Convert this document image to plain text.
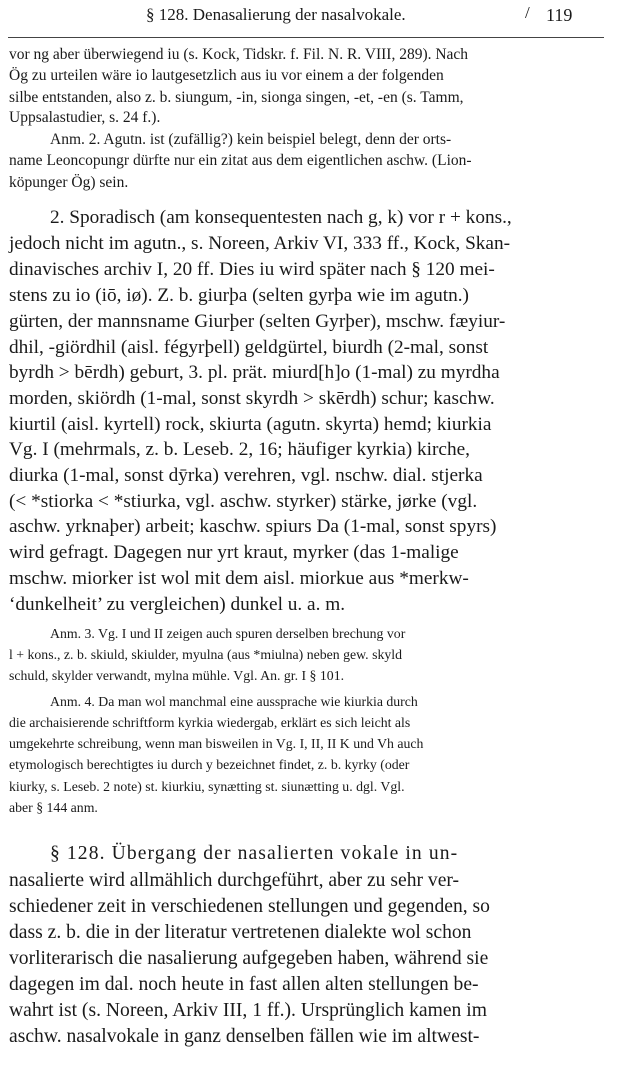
§ 128. Denasalierung der nasalvokale.	/ 119
vor ng aber überwiegend iu (s. Kock, Tidskr. f. Fil. N. R. VIII, 289). Nach
Ög zu urteilen wäre io lautgesetzlich aus iu vor einem a der folgenden
silbe entstanden, also z. b. siungum, -in, sionga singen, -et, -en (s. Tamm,
Uppsalastudier, s. 24 f.).
Anm. 2. Agutn. ist (zufällig?) kein beispiel belegt, denn der orts-
name Leoncopungr dürfte nur ein zitat aus dem eigentlichen aschw. (Lion-
köpunger Ög) sein.
2. Sporadisch (am konsequentesten nach g, k) vor r + kons.,
jedoch nicht im agutn., s. Noreen, Arkiv VI, 333 ff., Kock, Skan-
dinavisches archiv I, 20 ff. Dies iu wird später nach § 120 mei-
stens zu io (iō, iø). Z. b. giurþa (selten gyrþa wie im agutn.)
gürten, der mannsname Giurþer (selten Gyrþer), mschw. fæyiur-
dhil, -giördhil (aisl. fégyrþell) geldgürtel, biurdh (2-mal, sonst
byrdh > bērdh) geburt, 3. pl. prät. miurd[h]o (1-mal) zu myrdha
morden, skiördh (1-mal, sonst skyrdh > skērdh) schur; kaschw.
kiurtil (aisl. kyrtell) rock, skiurta (agutn. skyrta) hemd; kiurkia
Vg. I (mehrmals, z. b. Leseb. 2, 16; häufiger kyrkia) kirche,
diurka (1-mal, sonst dȳrka) verehren, vgl. nschw. dial. stjerka
(< *stiorka < *stiurka, vgl. aschw. styrker) stärke, jørke (vgl.
aschw. yrknaþer) arbeit; kaschw. spiurs Da (1-mal, sonst spyrs)
wird gefragt. Dagegen nur yrt kraut, myrker (das 1-malige
mschw. miorker ist wol mit dem aisl. miorkue aus *merkw-
‘dunkelheit’ zu vergleichen) dunkel u. a. m.
Anm. 3. Vg. I und II zeigen auch spuren derselben brechung vor
l + kons., z. b. skiuld, skiulder, myulna (aus *miulna) neben gew. skyld
schuld, skylder verwandt, mylna mühle. Vgl. An. gr. I § 101.
Anm. 4. Da man wol manchmal eine aussprache wie kiurkia durch
die archaisierende schriftform kyrkia wiedergab, erklärt es sich leicht als
umgekehrte schreibung, wenn man bisweilen in Vg. I, II, II K und Vh auch
etymologisch berechtigtes iu durch y bezeichnet findet, z. b. kyrky (oder
kiurky, s. Leseb. 2 note) st. kiurkiu, synætting st. siunætting u. dgl. Vgl.
aber § 144 anm.
§ 128. Übergang der nasalierten vokale in un-
nasalierte wird allmählich durchgeführt, aber zu sehr ver-
schiedener zeit in verschiedenen stellungen und gegenden, so
dass z. b. die in der literatur vertretenen dialekte wol schon
vorliterarisch die nasalierung aufgegeben haben, während sie
dagegen im dal. noch heute in fast allen alten stellungen be-
wahrt ist (s. Noreen, Arkiv III, 1 ff.). Ursprünglich kamen im
aschw. nasalvokale in ganz denselben fällen wie im altwest-
